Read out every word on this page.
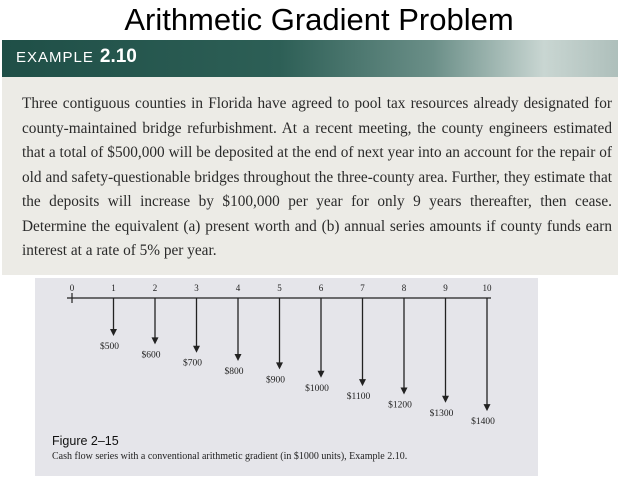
Arithmetic Gradient Problem
EXAMPLE 2.10

Three contiguous counties in Florida have agreed to pool tax resources already designated for county-maintained bridge refurbishment. At a recent meeting, the county engineers estimated that a total of $500,000 will be deposited at the end of next year into an account for the repair of old and safety-questionable bridges throughout the three-county area. Further, they estimate that the deposits will increase by $100,000 per year for only 9 years thereafter, then cease. Determine the equivalent (a) present worth and (b) annual series amounts if county funds earn interest at a rate of 5% per year.

0	1	2	3	4	5	6	7	8	9	10
$500
$600
$700
$800
$900
$1000
$1100
$1200
$1300
$1400

Figure 2–15

Cash flow series with a conventional arithmetic gradient (in $1000 units), Example 2.10.
